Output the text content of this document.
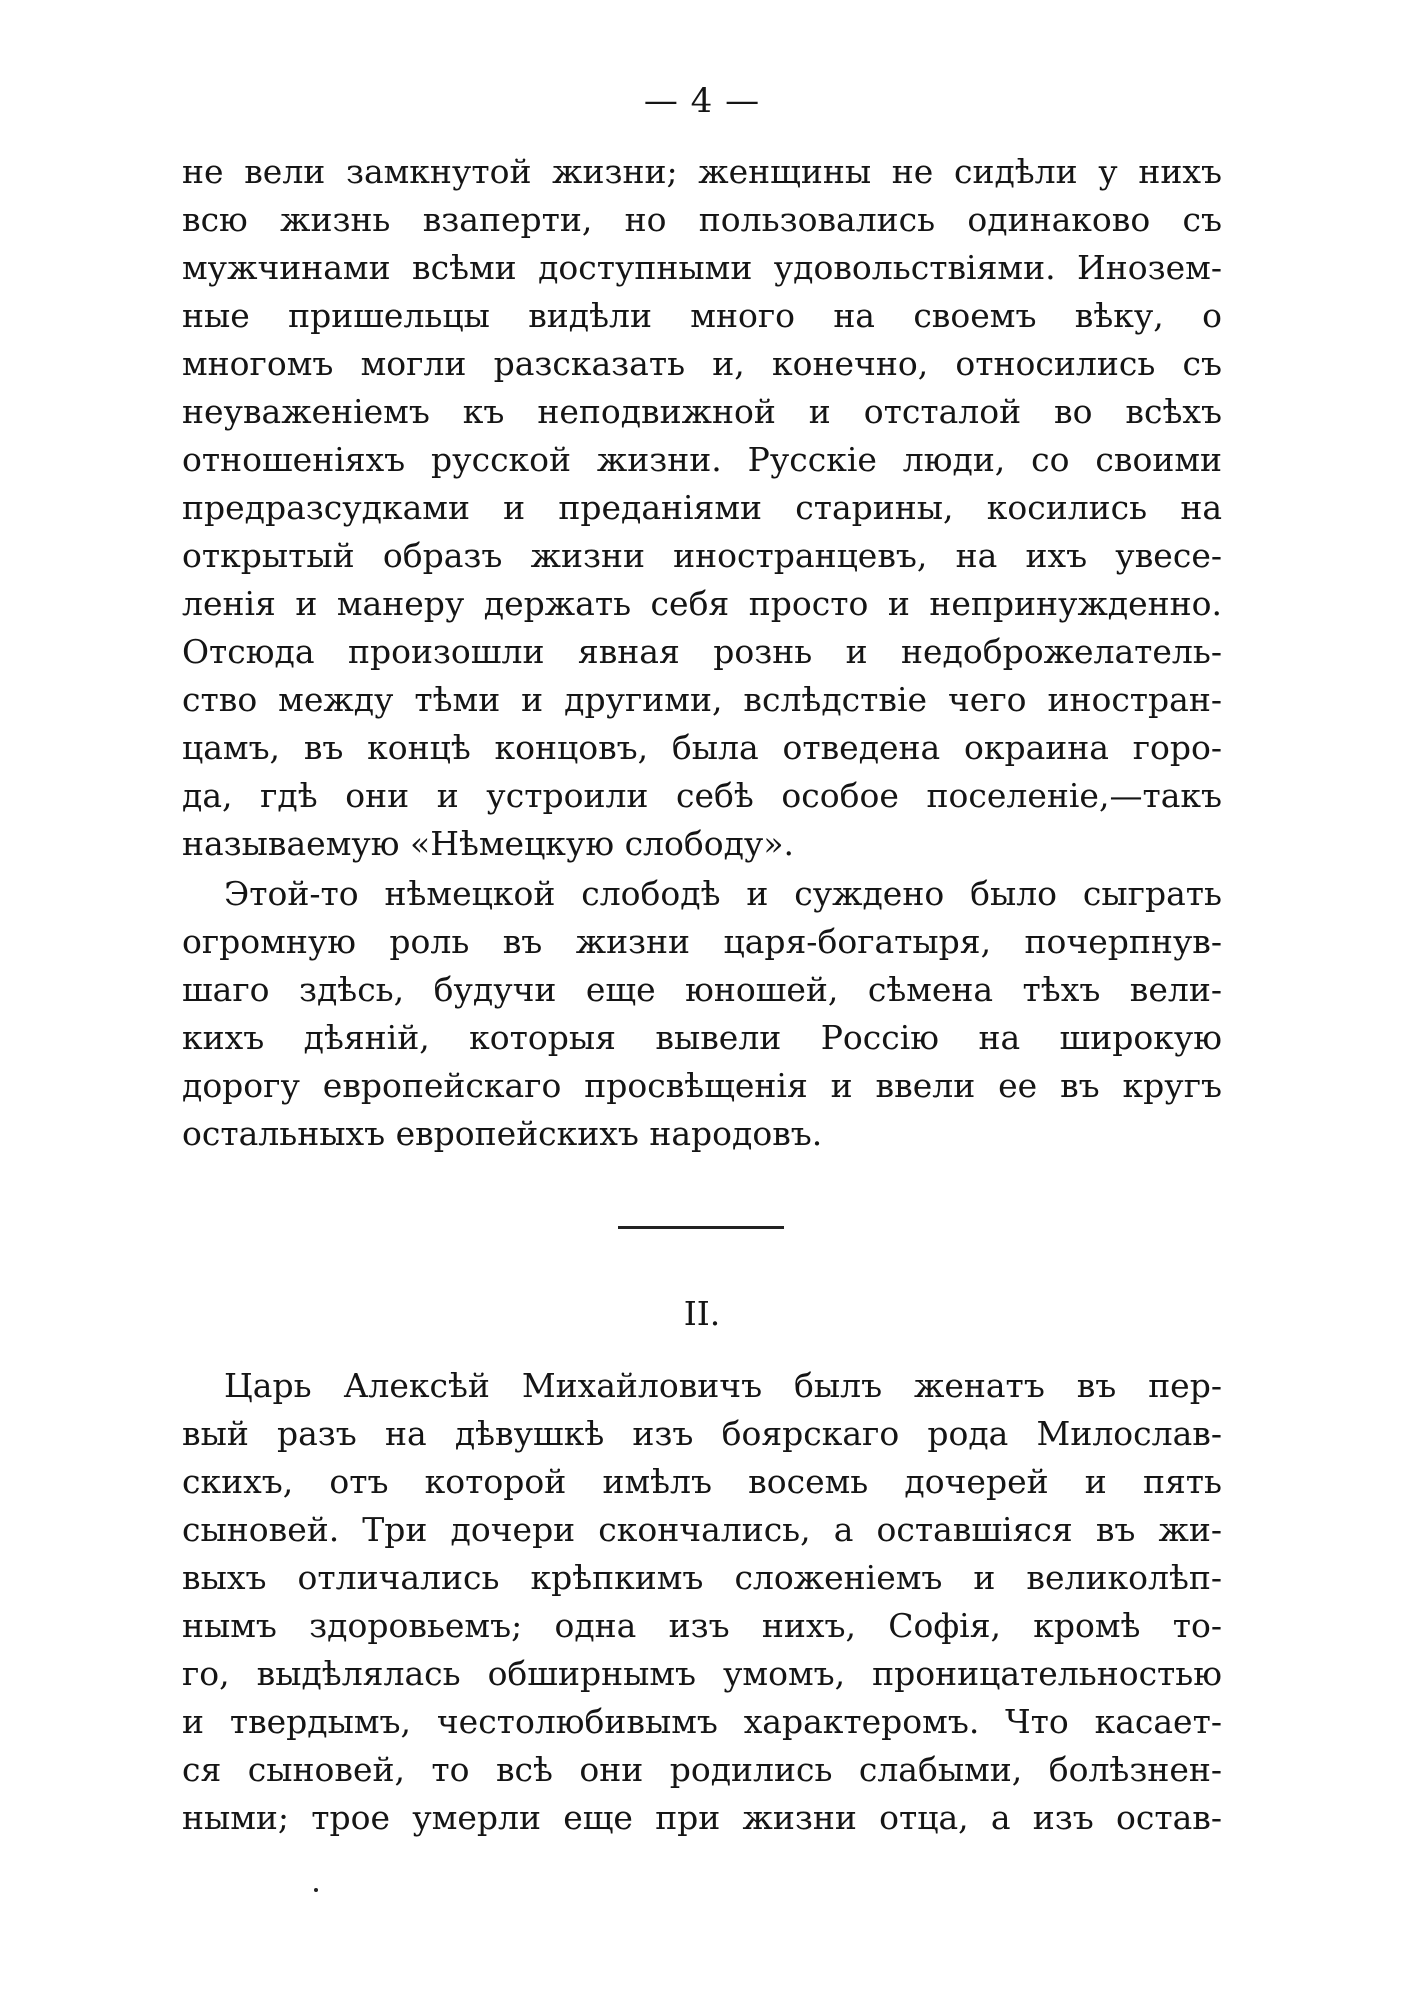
— 4 —
не вели замкнутой жизни; женщины не сидѣли у нихъ
всю жизнь взаперти, но пользовались одинаково съ
мужчинами всѣми доступными удовольствіями. Инозем-
ные пришельцы видѣли много на своемъ вѣку, о
многомъ могли разсказать и, конечно, относились съ
неуваженіемъ къ неподвижной и отсталой во всѣхъ
отношеніяхъ русской жизни. Русскіе люди, со своими
предразсудками и преданіями старины, косились на
открытый образъ жизни иностранцевъ, на ихъ увесе-
ленія и манеру держать себя просто и непринужденно.
Отсюда произошли явная рознь и недоброжелатель-
ство между тѣми и другими, вслѣдствіе чего иностран-
цамъ, въ концѣ концовъ, была отведена окраина горо-
да, гдѣ они и устроили себѣ особое поселеніе,—такъ
называемую «Нѣмецкую слободу».
Этой-то нѣмецкой слободѣ и суждено было сыграть
огромную роль въ жизни царя-богатыря, почерпнув-
шаго здѣсь, будучи еще юношей, сѣмена тѣхъ вели-
кихъ дѣяній, которыя вывели Россію на широкую
дорогу европейскаго просвѣщенія и ввели ее въ кругъ
остальныхъ европейскихъ народовъ.
II.
Царь Алексѣй Михайловичъ былъ женатъ въ пер-
вый разъ на дѣвушкѣ изъ боярскаго рода Милослав-
скихъ, отъ которой имѣлъ восемь дочерей и пять
сыновей. Три дочери скончались, а оставшіяся въ жи-
выхъ отличались крѣпкимъ сложеніемъ и великолѣп-
нымъ здоровьемъ; одна изъ нихъ, Софія, кромѣ то-
го, выдѣлялась обширнымъ умомъ, проницательностью
и твердымъ, честолюбивымъ характеромъ. Что касает-
ся сыновей, то всѣ они родились слабыми, болѣзнен-
ными; трое умерли еще при жизни отца, а изъ остав-
